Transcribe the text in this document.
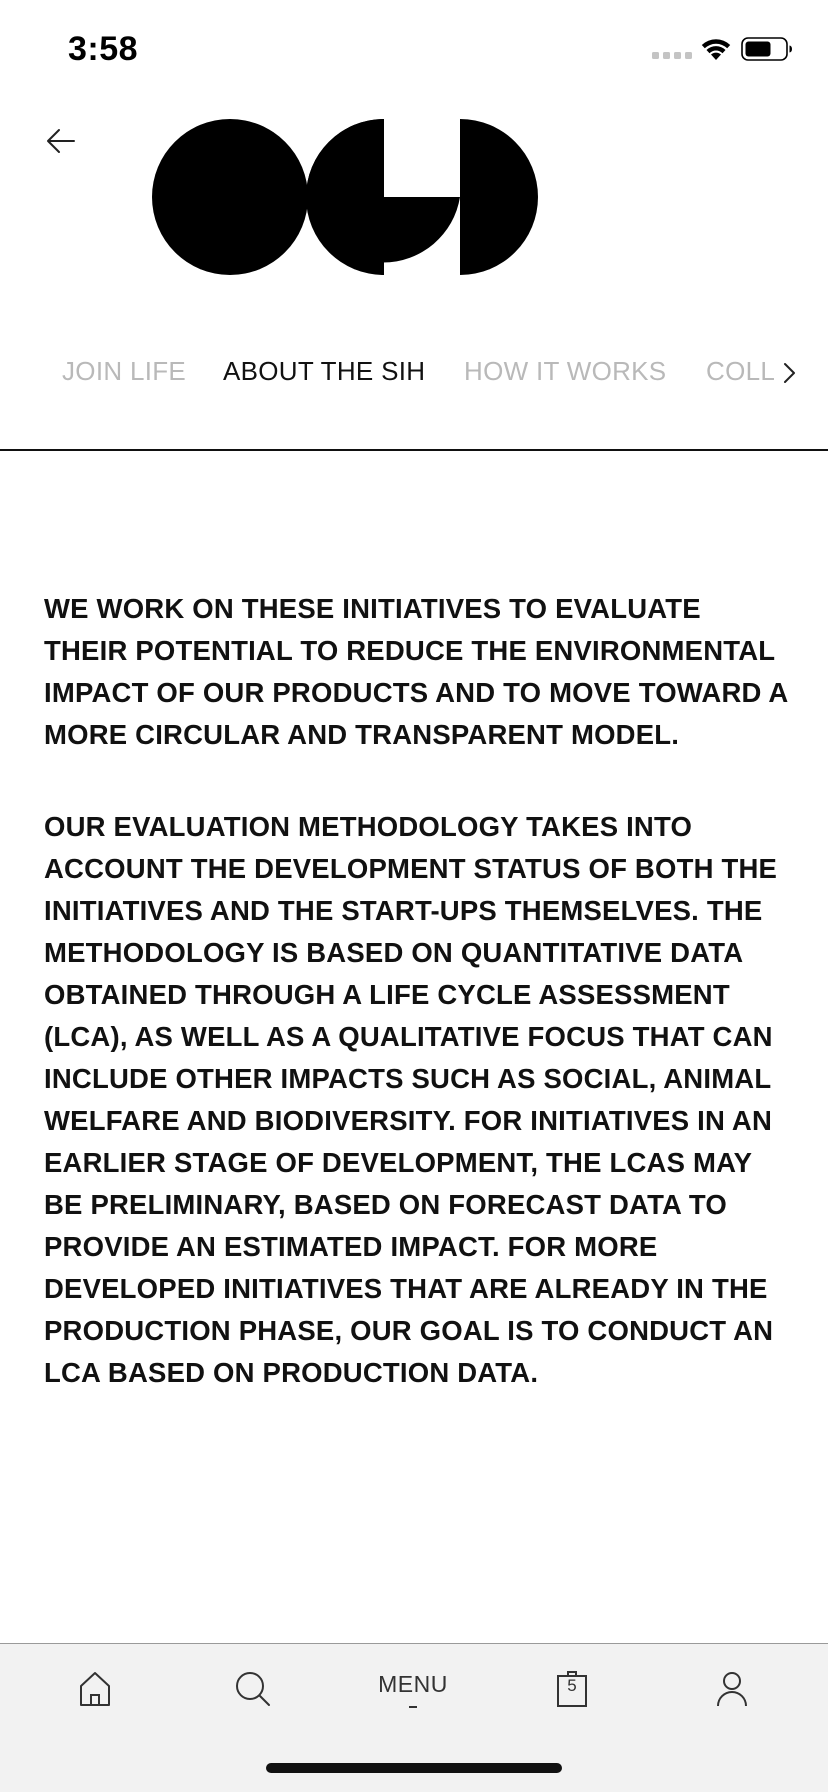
3:58
JOIN LIFE ABOUT THE SIH HOW IT WORKS COLL

WE WORK ON THESE INITIATIVES TO EVALUATE THEIR POTENTIAL TO REDUCE THE ENVIRONMENTAL IMPACT OF OUR PRODUCTS AND TO MOVE TOWARD A MORE CIRCULAR AND TRANSPARENT MODEL.

OUR EVALUATION METHODOLOGY TAKES INTO ACCOUNT THE DEVELOPMENT STATUS OF BOTH THE INITIATIVES AND THE START-UPS THEMSELVES. THE METHODOLOGY IS BASED ON QUANTITATIVE DATA OBTAINED THROUGH A LIFE CYCLE ASSESSMENT (LCA), AS WELL AS A QUALITATIVE FOCUS THAT CAN INCLUDE OTHER IMPACTS SUCH AS SOCIAL, ANIMAL WELFARE AND BIODIVERSITY. FOR INITIATIVES IN AN EARLIER STAGE OF DEVELOPMENT, THE LCAS MAY BE PRELIMINARY, BASED ON FORECAST DATA TO PROVIDE AN ESTIMATED IMPACT. FOR MORE DEVELOPED INITIATIVES THAT ARE ALREADY IN THE PRODUCTION PHASE, OUR GOAL IS TO CONDUCT AN LCA BASED ON PRODUCTION DATA.

MENU	5
